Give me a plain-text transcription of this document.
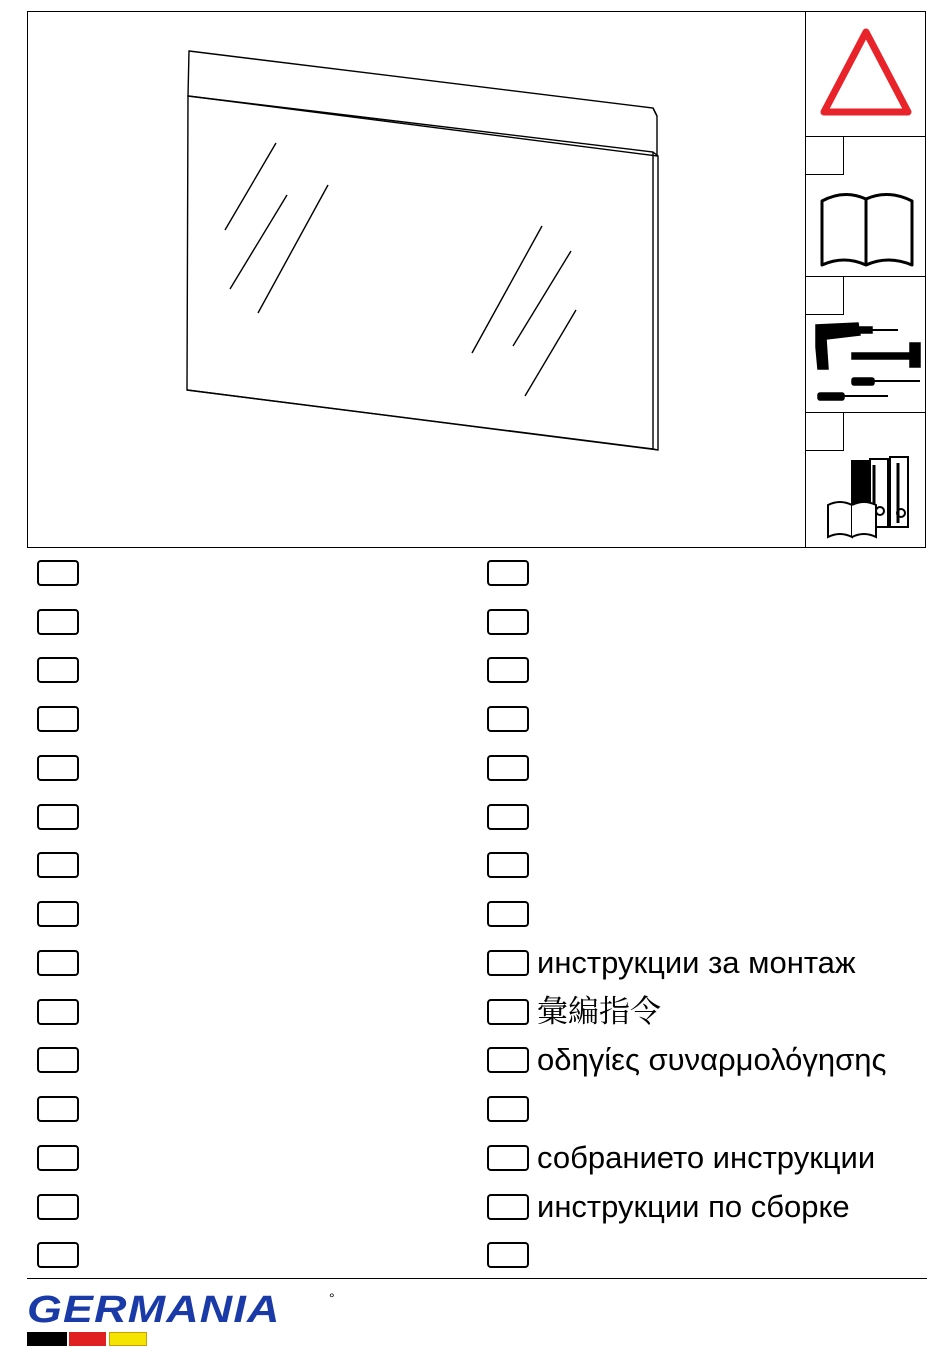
инструкции за монтаж
彙編指令
οδηγίες συναρμολόγησης
собранието инструкции
инструкции по сборке
GERMANIA	°
